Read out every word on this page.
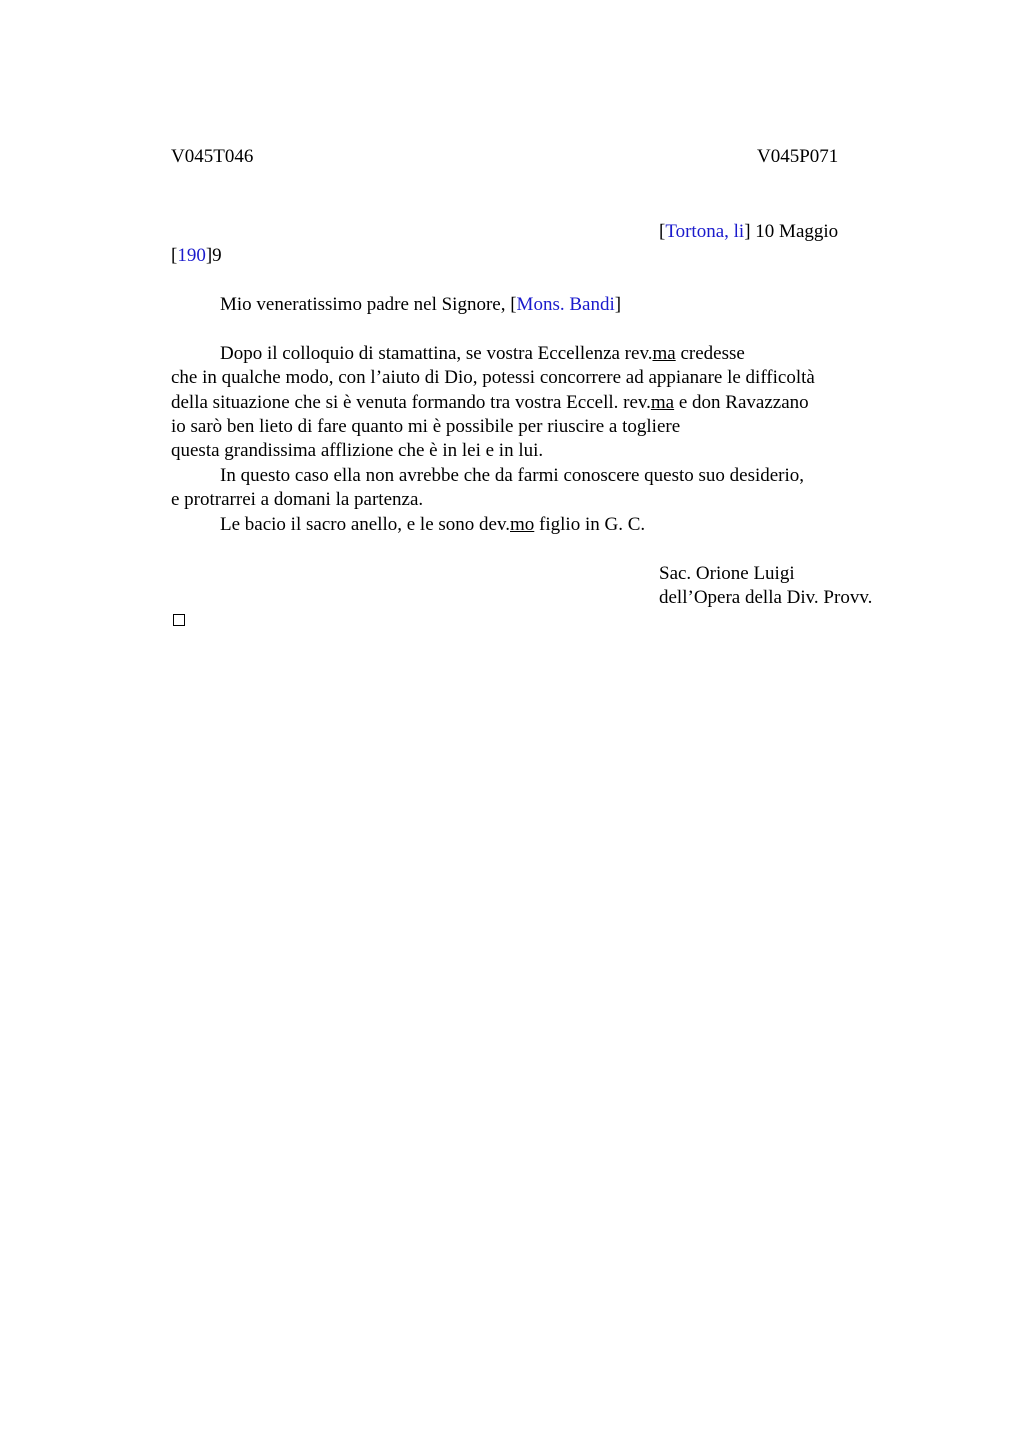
V045T046	V045P071
[Tortona, li] 10 Maggio
[190]9
Mio veneratissimo padre nel Signore, [Mons. Bandi]
Dopo il colloquio di stamattina, se vostra Eccellenza rev.ma credesse
che in qualche modo, con l’aiuto di Dio, potessi concorrere ad appianare le difficoltà
della situazione che si è venuta formando tra vostra Eccell. rev.ma e don Ravazzano
io sarò ben lieto di fare quanto mi è possibile per riuscire a togliere
questa grandissima afflizione che è in lei e in lui.
In questo caso ella non avrebbe che da farmi conoscere questo suo desiderio,
e protrarrei a domani la partenza.
Le bacio il sacro anello, e le sono dev.mo figlio in G. C.
Sac. Orione Luigi
dell’Opera della Div. Provv.
